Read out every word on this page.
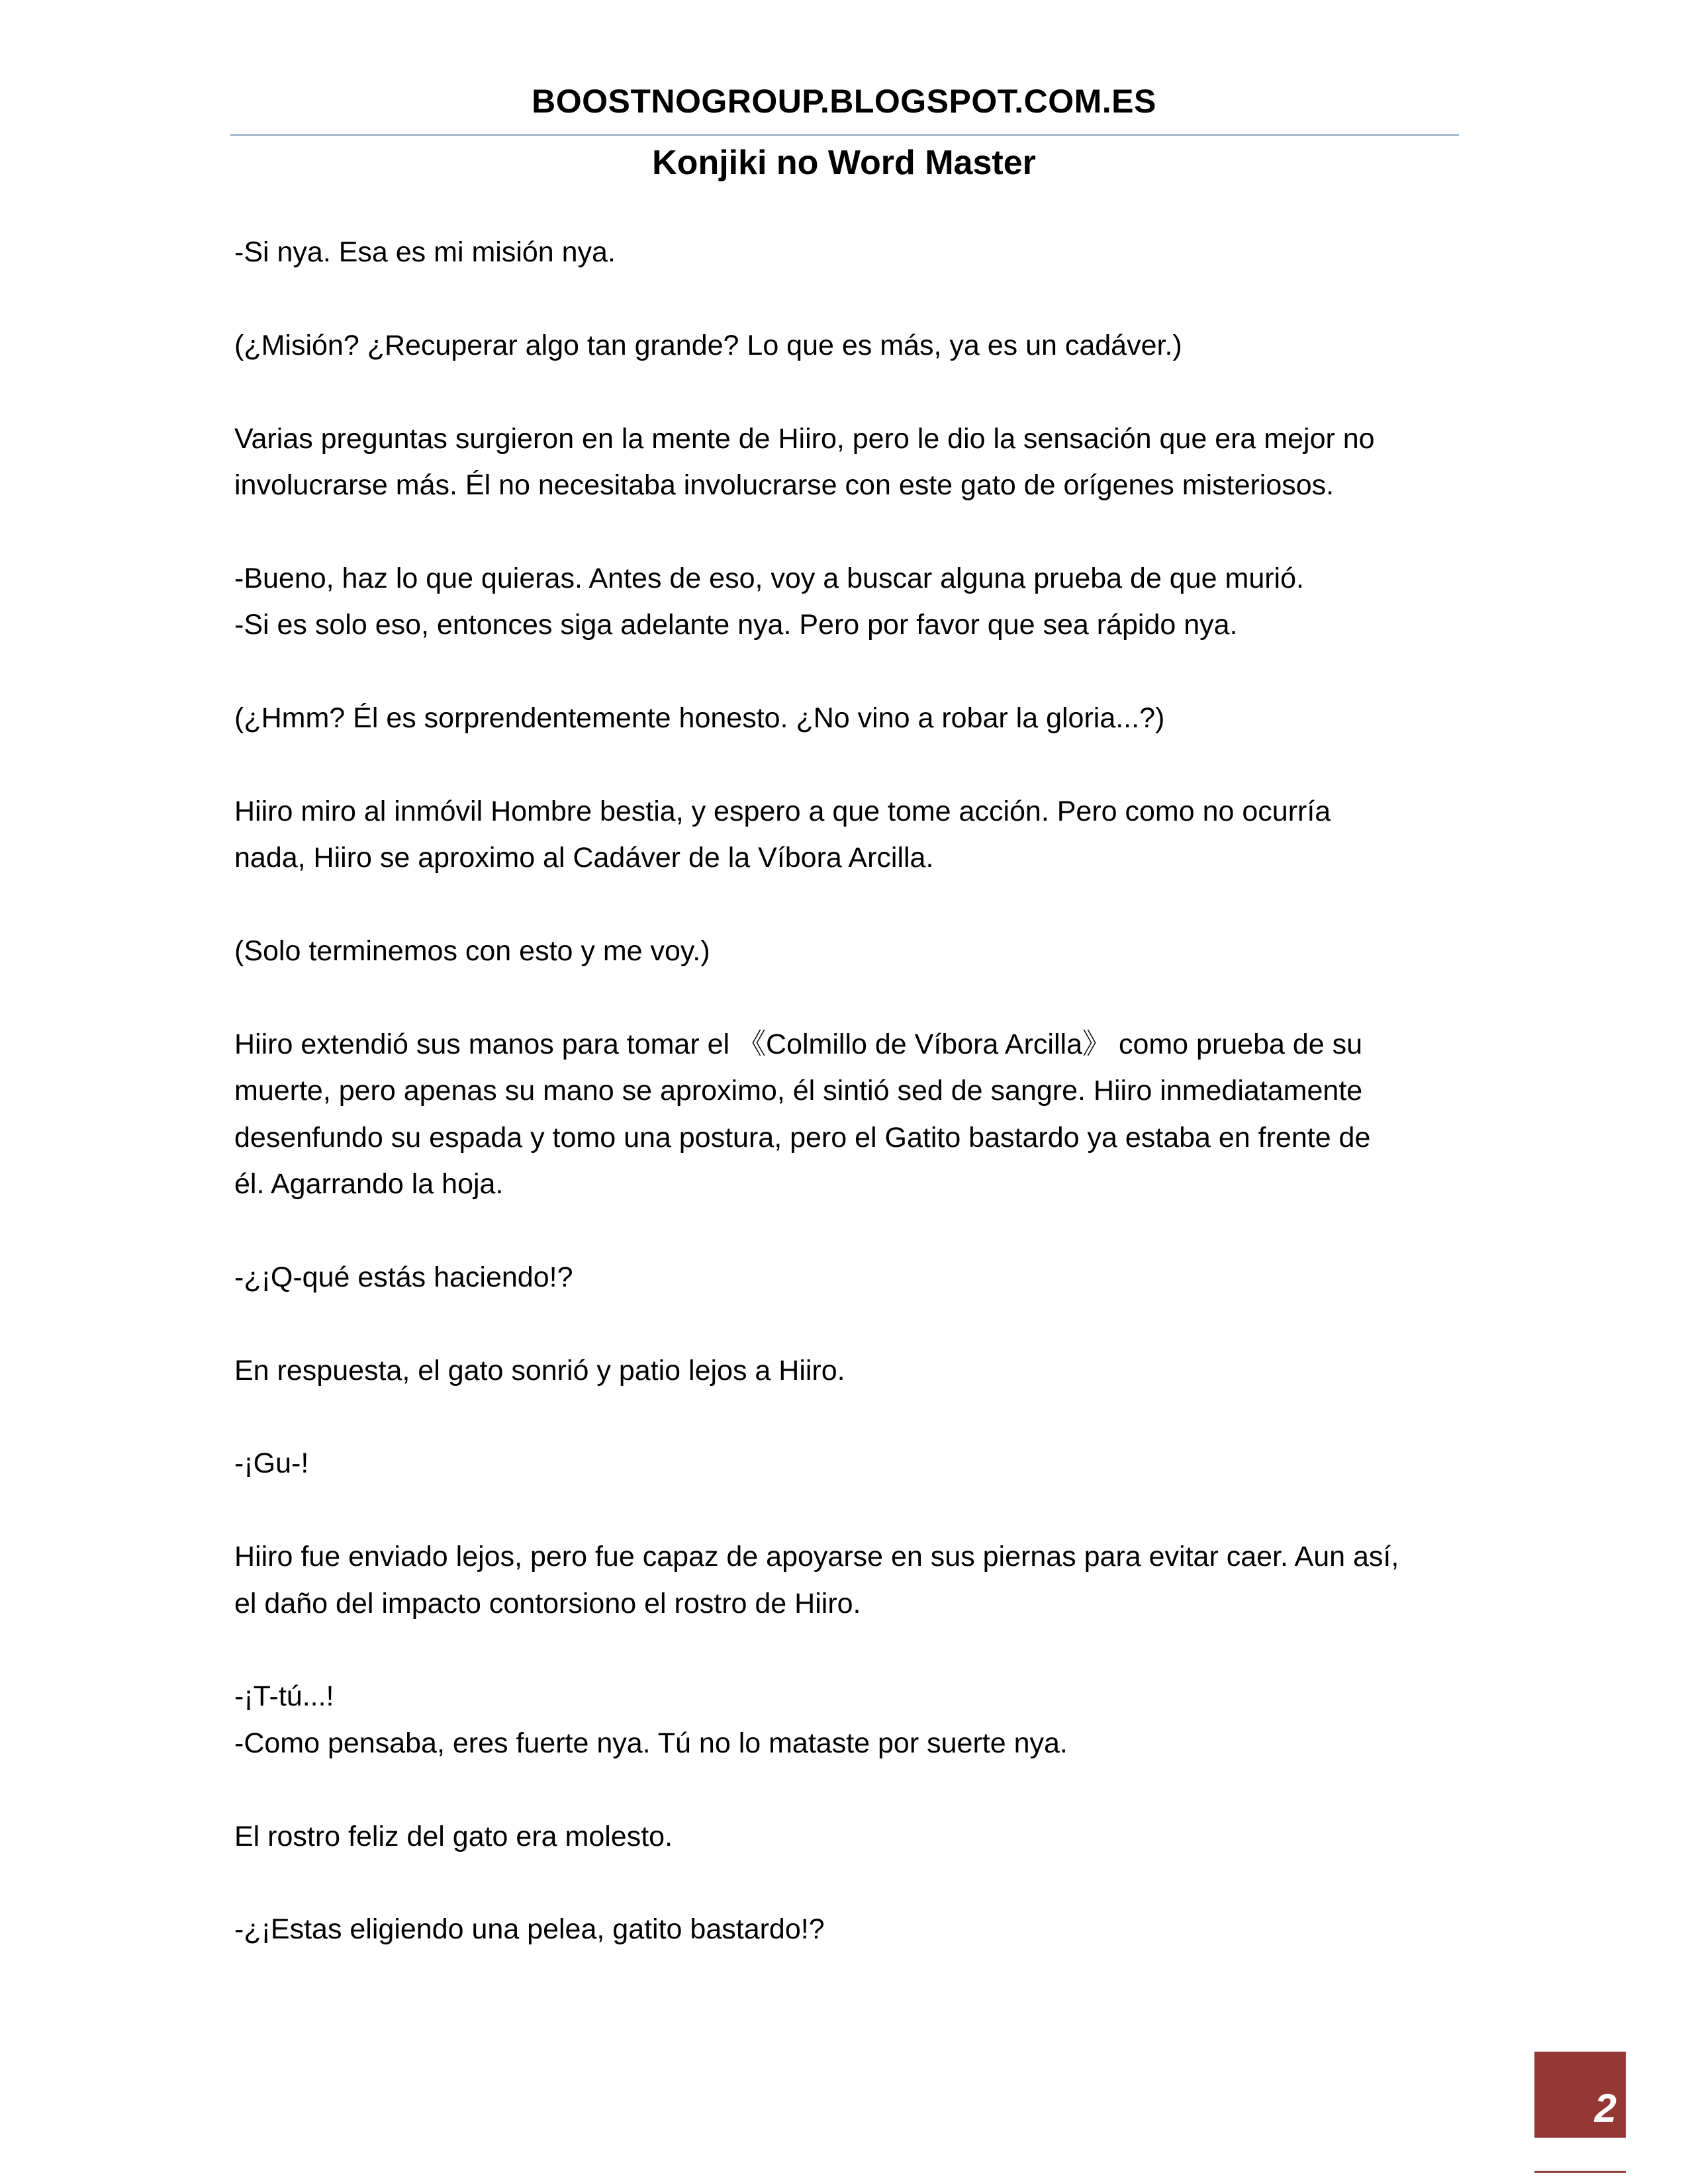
BOOSTNOGROUP.BLOGSPOT.COM.ES
Konjiki no Word Master

-Si nya. Esa es mi misión nya.

(¿Misión? ¿Recuperar algo tan grande? Lo que es más, ya es un cadáver.)

Varias preguntas surgieron en la mente de Hiiro, pero le dio la sensación que era mejor no
involucrarse más. Él no necesitaba involucrarse con este gato de orígenes misteriosos.

-Bueno, haz lo que quieras. Antes de eso, voy a buscar alguna prueba de que murió.
-Si es solo eso, entonces siga adelante nya. Pero por favor que sea rápido nya.

(¿Hmm? Él es sorprendentemente honesto. ¿No vino a robar la gloria...?)

Hiiro miro al inmóvil Hombre bestia, y espero a que tome acción. Pero como no ocurría
nada, Hiiro se aproximo al Cadáver de la Víbora Arcilla.

(Solo terminemos con esto y me voy.)

Hiiro extendió sus manos para tomar el 《Colmillo de Víbora Arcilla》 como prueba de su
muerte, pero apenas su mano se aproximo, él sintió sed de sangre. Hiiro inmediatamente
desenfundo su espada y tomo una postura, pero el Gatito bastardo ya estaba en frente de
él. Agarrando la hoja.

-¿¡Q-qué estás haciendo!?

En respuesta, el gato sonrió y patio lejos a Hiiro.

-¡Gu-!

Hiiro fue enviado lejos, pero fue capaz de apoyarse en sus piernas para evitar caer. Aun así,
el daño del impacto contorsiono el rostro de Hiiro.

-¡T-tú...!
-Como pensaba, eres fuerte nya. Tú no lo mataste por suerte nya.

El rostro feliz del gato era molesto.

-¿¡Estas eligiendo una pelea, gatito bastardo!?

2
